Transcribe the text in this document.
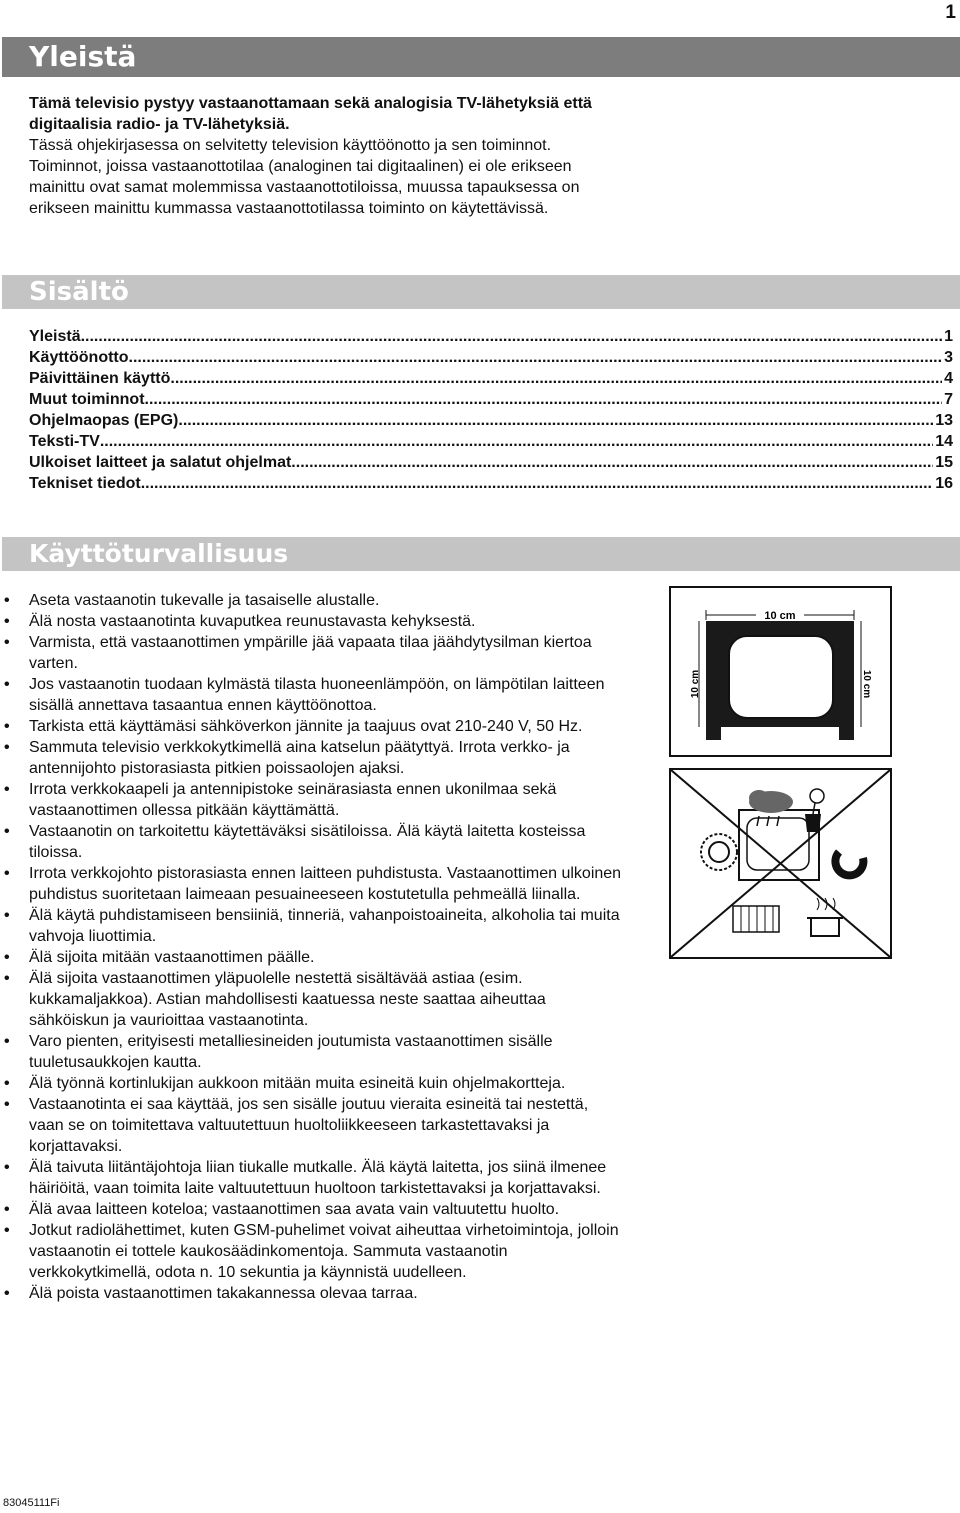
1
Yleistä
Tämä televisio pystyy vastaanottamaan sekä analogisia TV-lähetyksiä että digitaalisia radio- ja TV-lähetyksiä.
Tässä ohjekirjasessa on selvitetty television käyttöönotto ja sen toiminnot. Toiminnot, joissa vastaanottotilaa (analoginen tai digitaalinen) ei ole erikseen mainittu ovat samat molemmissa vastaanottotiloissa, muussa tapauksessa on erikseen mainittu kummassa vastaanottotilassa toiminto on käytettävissä.
Sisältö
Yleistä .....	1
Käyttöönotto .....	3
Päivittäinen käyttö .....	4
Muut toiminnot .....	7
Ohjelmaopas (EPG) .....	13
Teksti-TV .....	14
Ulkoiset laitteet ja salatut ohjelmat .....	15
Tekniset tiedot .....	16
Käyttöturvallisuus
• Aseta vastaanotin tukevalle ja tasaiselle alustalle.
• Älä nosta vastaanotinta kuvaputkea reunustavasta kehyksestä.
• Varmista, että vastaanottimen ympärille jää vapaata tilaa jäähdytysilman kiertoa varten.
• Jos vastaanotin tuodaan kylmästä tilasta huoneenlämpöön, on lämpötilan laitteen sisällä annettava tasaantua ennen käyttöönottoa.
• Tarkista että käyttämäsi sähköverkon jännite ja taajuus ovat 210-240 V, 50 Hz.
• Sammuta televisio verkkokytkimellä aina katselun päätyttyä. Irrota verkko- ja antennijohto pistorasiasta pitkien poissaolojen ajaksi.
• Irrota verkkokaapeli ja antennipistoke seinärasiasta ennen ukonilmaa sekä vastaanottimen ollessa pitkään käyttämättä.
• Vastaanotin on tarkoitettu käytettäväksi sisätiloissa. Älä käytä laitetta kosteissa tiloissa.
• Irrota verkkojohto pistorasiasta ennen laitteen puhdistusta. Vastaanottimen ulkoinen puhdistus suoritetaan laimeaan pesuaineeseen kostutetulla pehmeällä liinalla.
• Älä käytä puhdistamiseen bensiiniä, tinneriä, vahanpoistoaineita, alkoholia tai muita vahvoja liuottimia.
• Älä sijoita mitään vastaanottimen päälle.
• Älä sijoita vastaanottimen yläpuolelle nestettä sisältävää astiaa (esim. kukkamaljakkoa). Astian mahdollisesti kaatuessa neste saattaa aiheuttaa sähköiskun ja vaurioittaa vastaanotinta.
• Varo pienten, erityisesti metalliesineiden joutumista vastaanottimen sisälle tuuletusaukkojen kautta.
• Älä työnnä kortinlukijan aukkoon mitään muita esineitä kuin ohjelmakortteja.
• Vastaanotinta ei saa käyttää, jos sen sisälle joutuu vieraita esineitä tai nestettä, vaan se on toimitettava valtuutettuun huoltoliikkeeseen tarkastettavaksi ja korjattavaksi.
• Älä taivuta liitäntäjohtoja liian tiukalle mutkalle. Älä käytä laitetta, jos siinä ilmenee häiriöitä, vaan toimita laite valtuutettuun huoltoon tarkistettavaksi ja korjattavaksi.
• Älä avaa laitteen koteloa; vastaanottimen saa avata vain valtuutettu huolto.
• Jotkut radiolähettimet, kuten GSM-puhelimet voivat aiheuttaa virhetoimintoja, jolloin vastaanotin ei tottele kaukosäädinkomentoja. Sammuta vastaanotin verkkokytkimellä, odota n. 10 sekuntia ja käynnistä uudelleen.
• Älä poista vastaanottimen takakannessa olevaa tarraa.
10 cm
10 cm	10 cm
83045111Fi
